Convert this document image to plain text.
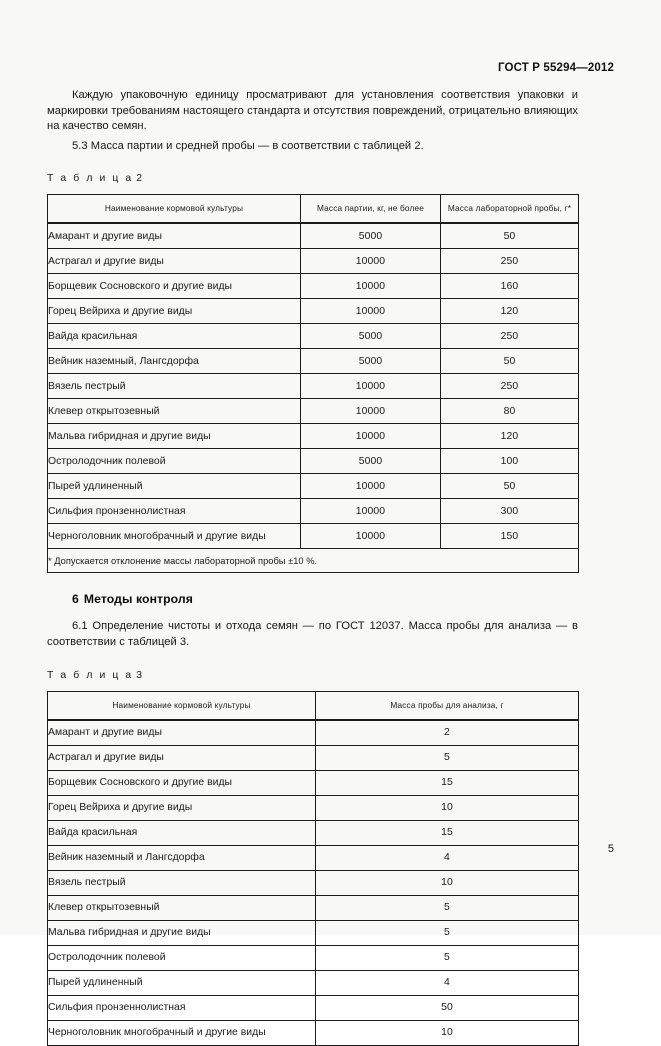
ГОСТ Р 55294—2012

Каждую упаковочную единицу просматривают для установления соответствия упаковки и маркировки требованиям настоящего стандарта и отсутствия повреждений, отрицательно влияющих на качество семян.

5.3 Масса партии и средней пробы — в соответствии с таблицей 2.

Т а б л и ц а 2

Наименование кормовой культуры	Масса партии, кг, не более	Масса лабораторной пробы, г*
Амарант и другие виды	5000	50
Астрагал и другие виды	10000	250
Борщевик Сосновского и другие виды	10000	160
Горец Вейриха и другие виды	10000	120
Вайда красильная	5000	250
Вейник наземный, Лангсдорфа	5000	50
Вязель пестрый	10000	250
Клевер открытозевный	10000	80
Мальва гибридная и другие виды	10000	120
Остролодочник полевой	5000	100
Пырей удлиненный	10000	50
Сильфия пронзеннолистная	10000	300
Черноголовник многобрачный и другие виды	10000	150
* Допускается отклонение массы лабораторной пробы ±10 %.		
6 Методы контроля

6.1 Определение чистоты и отхода семян — по ГОСТ 12037. Масса пробы для анализа — в соответствии с таблицей 3.

Т а б л и ц а 3

Наименование кормовой культуры	Масса пробы для анализа, г
Амарант и другие виды	2
Астрагал и другие виды	5
Борщевик Сосновского и другие виды	15
Горец Вейриха и другие виды	10
Вайда красильная	15
Вейник наземный и Лангсдорфа	4
Вязель пестрый	10
Клевер открытозевный	5
Мальва гибридная и другие виды	5
Остролодочник полевой	5
Пырей удлиненный	4
Сильфия пронзеннолистная	50
Черноголовник многобрачный и другие виды	10
5
